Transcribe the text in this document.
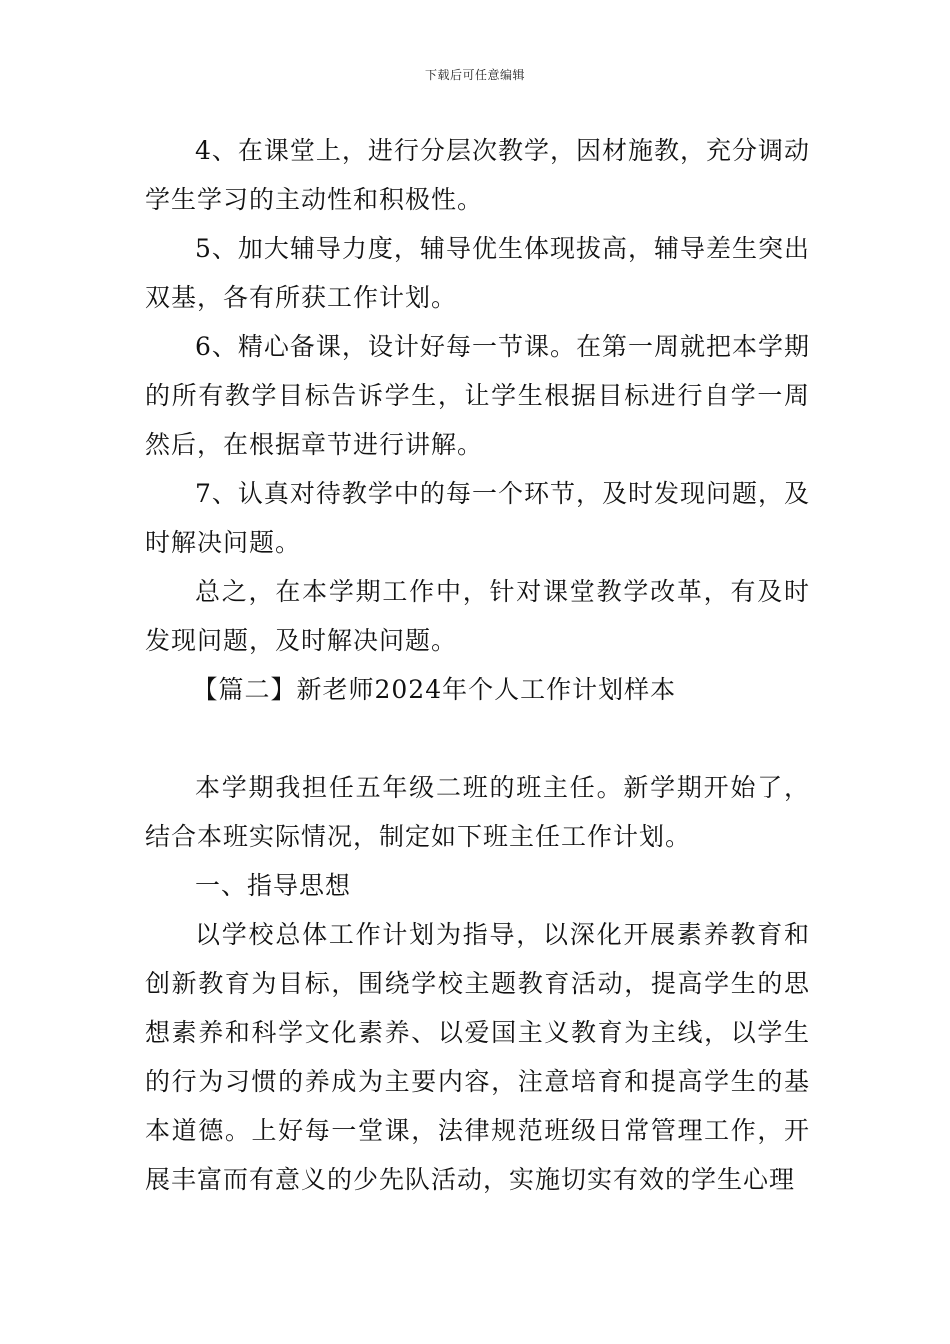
下载后可任意编辑

4、在课堂上，进行分层次教学，因材施教，充分调动学生学习的主动性和积极性。

5、加大辅导力度，辅导优生体现拔高，辅导差生突出双基，各有所获工作计划。

6、精心备课，设计好每一节课。在第一周就把本学期的所有教学目标告诉学生，让学生根据目标进行自学一周然后，在根据章节进行讲解。

7、认真对待教学中的每一个环节，及时发现问题，及时解决问题。

总之，在本学期工作中，针对课堂教学改革，有及时发现问题，及时解决问题。

【篇二】新老师2024年个人工作计划样本

本学期我担任五年级二班的班主任。新学期开始了，结合本班实际情况，制定如下班主任工作计划。

一、指导思想

以学校总体工作计划为指导，以深化开展素养教育和创新教育为目标，围绕学校主题教育活动，提高学生的思想素养和科学文化素养、以爱国主义教育为主线，以学生的行为习惯的养成为主要内容，注意培育和提高学生的基本道德。上好每一堂课，法律规范班级日常管理工作，开展丰富而有意义的少先队活动，实施切实有效的学生心理
